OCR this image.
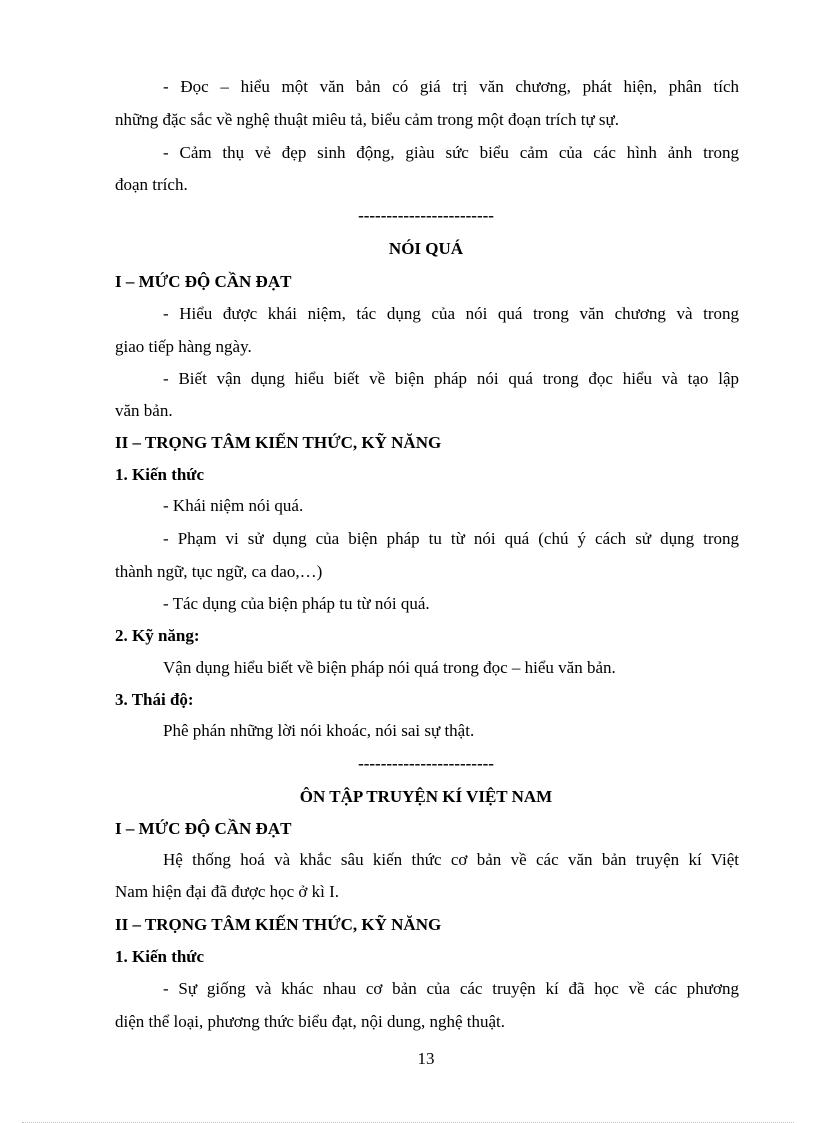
- Đọc – hiểu một văn bản có giá trị văn chương, phát hiện, phân tích
những đặc sắc về nghệ thuật miêu tả, biểu cảm trong một đoạn trích tự sự.
- Cảm thụ vẻ đẹp sinh động, giàu sức biểu cảm của các hình ảnh trong
đoạn trích.
------------------------
NÓI QUÁ
I – MỨC ĐỘ CẦN ĐẠT
- Hiểu được khái niệm, tác dụng của nói quá trong văn chương và trong
giao tiếp hàng ngày.
- Biết vận dụng hiểu biết về biện pháp nói quá trong đọc hiểu và tạo lập
văn bản.
II – TRỌNG TÂM KIẾN THỨC, KỸ NĂNG
1. Kiến thức
- Khái niệm nói quá.
- Phạm vi sử dụng của biện pháp tu từ nói quá (chú ý cách sử dụng trong
thành ngữ, tục ngữ, ca dao,…)
- Tác dụng của biện pháp tu từ nói quá.
2. Kỹ năng:
Vận dụng hiểu biết về biện pháp nói quá trong đọc – hiểu văn bản.
3. Thái độ:
Phê phán những lời nói khoác, nói sai sự thật.
------------------------
ÔN TẬP TRUYỆN KÍ VIỆT NAM
I – MỨC ĐỘ CẦN ĐẠT
Hệ thống hoá và khắc sâu kiến thức cơ bản về các văn bản truyện kí Việt
Nam hiện đại đã được học ở kì I.
II – TRỌNG TÂM KIẾN THỨC, KỸ NĂNG
1. Kiến thức
- Sự giống và khác nhau cơ bản của các truyện kí đã học về các phương
diện thể loại, phương thức biểu đạt, nội dung, nghệ thuật.
13
